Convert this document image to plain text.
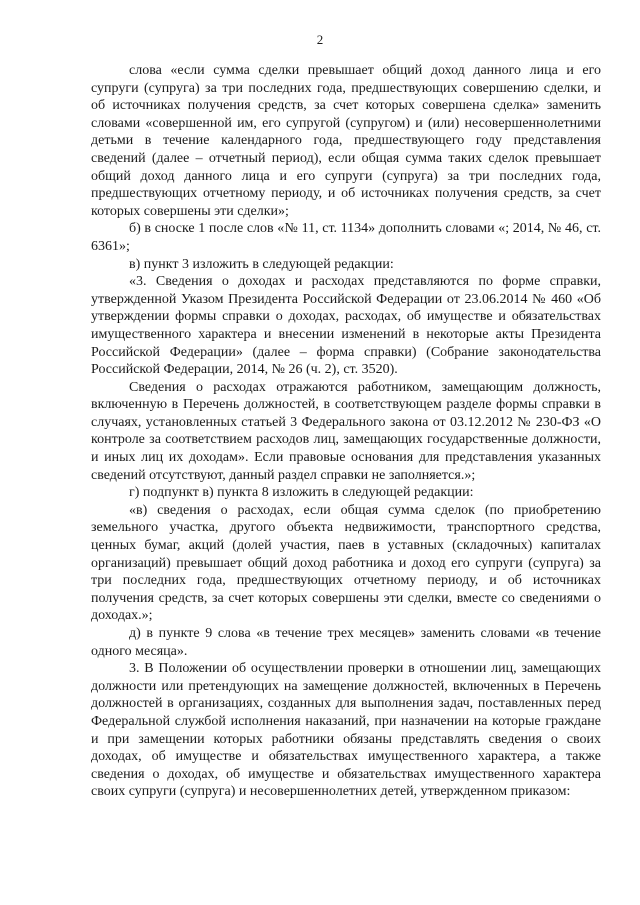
2

слова «если сумма сделки превышает общий доход данного лица и его супруги (супруга) за три последних года, предшествующих совершению сделки, и об источниках получения средств, за счет которых совершена сделка» заменить словами «совершенной им, его супругой (супругом) и (или) несовершеннолетними детьми в течение календарного года, предшествующего году представления сведений (далее – отчетный период), если общая сумма таких сделок превышает общий доход данного лица и его супруги (супруга) за три последних года, предшествующих отчетному периоду, и об источниках получения средств, за счет которых совершены эти сделки»;

б) в сноске 1 после слов «№ 11, ст. 1134» дополнить словами «; 2014, № 46, ст. 6361»;

в) пункт 3 изложить в следующей редакции:

«3. Сведения о доходах и расходах представляются по форме справки, утвержденной Указом Президента Российской Федерации от 23.06.2014 № 460 «Об утверждении формы справки о доходах, расходах, об имуществе и обязательствах имущественного характера и внесении изменений в некоторые акты Президента Российской Федерации» (далее – форма справки) (Собрание законодательства Российской Федерации, 2014, № 26 (ч. 2), ст. 3520).

Сведения о расходах отражаются работником, замещающим должность, включенную в Перечень должностей, в соответствующем разделе формы справки в случаях, установленных статьей 3 Федерального закона от 03.12.2012 № 230-ФЗ «О контроле за соответствием расходов лиц, замещающих государственные должности, и иных лиц их доходам». Если правовые основания для представления указанных сведений отсутствуют, данный раздел справки не заполняется.»;

г) подпункт в) пункта 8 изложить в следующей редакции:

«в) сведения о расходах, если общая сумма сделок (по приобретению земельного участка, другого объекта недвижимости, транспортного средства, ценных бумаг, акций (долей участия, паев в уставных (складочных) капиталах организаций) превышает общий доход работника и доход его супруги (супруга) за три последних года, предшествующих отчетному периоду, и об источниках получения средств, за счет которых совершены эти сделки, вместе со сведениями о доходах.»;

д) в пункте 9 слова «в течение трех месяцев» заменить словами «в течение одного месяца».

3. В Положении об осуществлении проверки в отношении лиц, замещающих должности или претендующих на замещение должностей, включенных в Перечень должностей в организациях, созданных для выполнения задач, поставленных перед Федеральной службой исполнения наказаний, при назначении на которые граждане и при замещении которых работники обязаны представлять сведения о своих доходах, об имуществе и обязательствах имущественного характера, а также сведения о доходах, об имуществе и обязательствах имущественного характера своих супруги (супруга) и несовершеннолетних детей, утвержденном приказом:
